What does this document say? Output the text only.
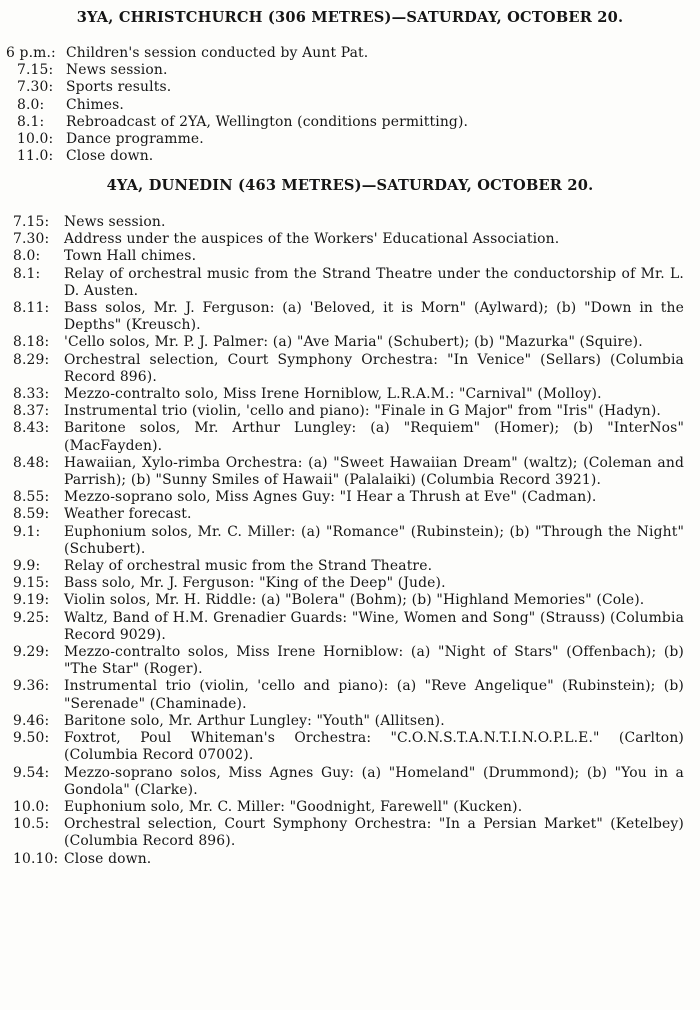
3YA, CHRISTCHURCH (306 METRES)—SATURDAY, OCTOBER 20.
6 p.m.: Children's session conducted by Aunt Pat.
7.15: News session.
7.30: Sports results.
8.0:	Chimes.
8.1:	Rebroadcast of 2YA, Wellington (conditions permitting).
10.0: Dance programme.
11.0: Close down.
4YA, DUNEDIN (463 METRES)—SATURDAY, OCTOBER 20.
7.15:	News session.
7.30:	Address under the auspices of the Workers' Educational Association.
8.0:	Town Hall chimes.
8.1:	Relay of orchestral music from the Strand Theatre under the conductorship of Mr. L. D. Austen.
8.11:	Bass solos, Mr. J. Ferguson: (a) 'Beloved, it is Morn" (Aylward); (b) "Down in the Depths" (Kreusch).
8.18:	'Cello solos, Mr. P. J. Palmer: (a) "Ave Maria" (Schubert); (b) "Mazurka" (Squire).
8.29:	Orchestral selection, Court Symphony Orchestra: "In Venice" (Sellars) (Columbia Record 896).
8.33:	Mezzo-contralto solo, Miss Irene Horniblow, L.R.A.M.: "Carnival" (Molloy).
8.37:	Instrumental trio (violin, 'cello and piano): "Finale in G Major" from "Iris" (Hadyn).
8.43:	Baritone solos, Mr. Arthur Lungley: (a) "Requiem" (Homer); (b) "InterNos" (MacFayden).
8.48:	Hawaiian, Xylo-rimba Orchestra: (a) "Sweet Hawaiian Dream" (waltz); (Coleman and Parrish); (b) "Sunny Smiles of Hawaii" (Palalaiki) (Columbia Record 3921).
8.55:	Mezzo-soprano solo, Miss Agnes Guy: "I Hear a Thrush at Eve" (Cadman).
8.59:	Weather forecast.
9.1:	Euphonium solos, Mr. C. Miller: (a) "Romance" (Rubinstein); (b) "Through the Night" (Schubert).
9.9:	Relay of orchestral music from the Strand Theatre.
9.15:	Bass solo, Mr. J. Ferguson: "King of the Deep" (Jude).
9.19:	Violin solos, Mr. H. Riddle: (a) "Bolera" (Bohm); (b) "Highland Memories" (Cole).
9.25:	Waltz, Band of H.M. Grenadier Guards: "Wine, Women and Song" (Strauss) (Columbia Record 9029).
9.29:	Mezzo-contralto solos, Miss Irene Horniblow: (a) "Night of Stars" (Offenbach); (b) "The Star" (Roger).
9.36:	Instrumental trio (violin, 'cello and piano): (a) "Reve Angelique" (Rubinstein); (b) "Serenade" (Chaminade).
9.46:	Baritone solo, Mr. Arthur Lungley: "Youth" (Allitsen).
9.50:	Foxtrot, Poul Whiteman's Orchestra: "C.O.N.S.T.A.N.T.I.N.O.P.L.E." (Carlton) (Columbia Record 07002).
9.54:	Mezzo-soprano solos, Miss Agnes Guy: (a) "Homeland" (Drummond); (b) "You in a Gondola" (Clarke).
10.0:	Euphonium solo, Mr. C. Miller: "Goodnight, Farewell" (Kucken).
10.5:	Orchestral selection, Court Symphony Orchestra: "In a Persian Market" (Ketelbey) (Columbia Record 896).
10.10: Close down.
